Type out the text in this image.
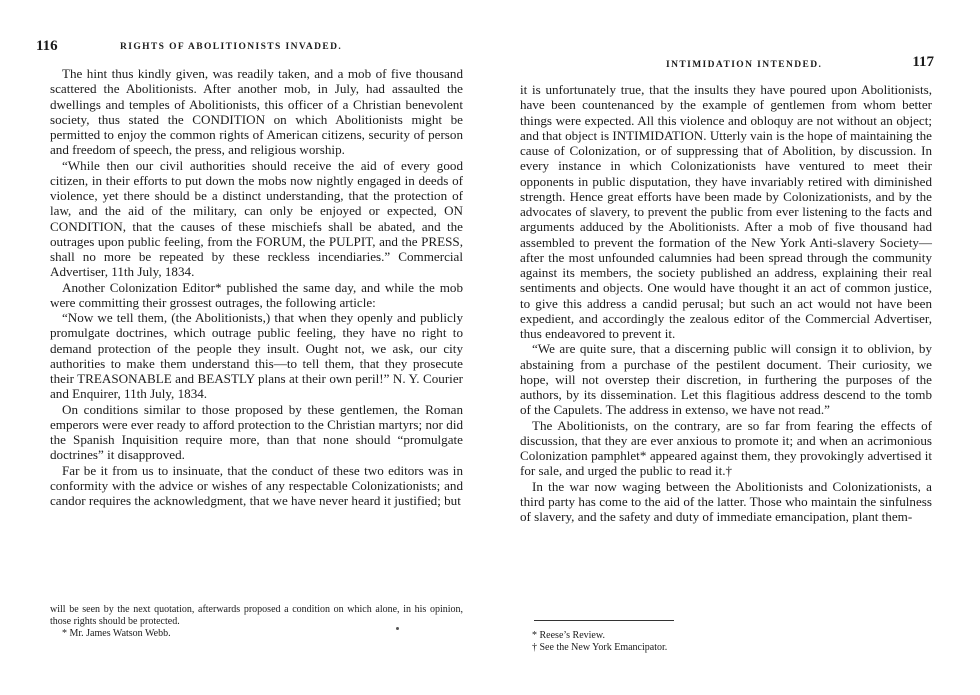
116	RIGHTS OF ABOLITIONISTS INVADED.

The hint thus kindly given, was readily taken, and a mob of five thousand scattered the Abolitionists. After another mob, in July, had assaulted the dwellings and temples of Abolitionists, this officer of a Christian benevolent society, thus stated the CONDITION on which Abolitionists might be permitted to enjoy the common rights of American citizens, security of person and freedom of speech, the press, and religious worship.

“While then our civil authorities should receive the aid of every good citizen, in their efforts to put down the mobs now nightly engaged in deeds of violence, yet there should be a distinct understanding, that the protection of law, and the aid of the military, can only be enjoyed or expected, ON CONDITION, that the causes of these mischiefs shall be abated, and the outrages upon public feeling, from the FORUM, the PULPIT, and the PRESS, shall no more be repeated by these reckless incendiaries.” Commercial Advertiser, 11th July, 1834.

Another Colonization Editor* published the same day, and while the mob were committing their grossest outrages, the following article:

“Now we tell them, (the Abolitionists,) that when they openly and publicly promulgate doctrines, which outrage public feeling, they have no right to demand protection of the people they insult. Ought not, we ask, our city authorities to make them understand this—to tell them, that they prosecute their TREASONABLE and BEASTLY plans at their own peril!” N. Y. Courier and Enquirer, 11th July, 1834.

On conditions similar to those proposed by these gentlemen, the Roman emperors were ever ready to afford protection to the Christian martyrs; nor did the Spanish Inquisition require more, than that none should “promulgate doctrines” it disapproved.

Far be it from us to insinuate, that the conduct of these two editors was in conformity with the advice or wishes of any respectable Colonizationists; and candor requires the acknowledgment, that we have never heard it justified; but

will be seen by the next quotation, afterwards proposed a condition on which alone, in his opinion, those rights should be protected.

* Mr. James Watson Webb.

INTIMIDATION INTENDED.	117

it is unfortunately true, that the insults they have poured upon Abolitionists, have been countenanced by the example of gentlemen from whom better things were expected. All this violence and obloquy are not without an object; and that object is INTIMIDATION. Utterly vain is the hope of maintaining the cause of Colonization, or of suppressing that of Abolition, by discussion. In every instance in which Colonizationists have ventured to meet their opponents in public disputation, they have invariably retired with diminished strength. Hence great efforts have been made by Colonizationists, and by the advocates of slavery, to prevent the public from ever listening to the facts and arguments adduced by the Abolitionists. After a mob of five thousand had assembled to prevent the formation of the New York Anti-slavery Society—after the most unfounded calumnies had been spread through the community against its members, the society published an address, explaining their real sentiments and objects. One would have thought it an act of common justice, to give this address a candid perusal; but such an act would not have been expedient, and accordingly the zealous editor of the Commercial Advertiser, thus endeavored to prevent it.

“We are quite sure, that a discerning public will consign it to oblivion, by abstaining from a purchase of the pestilent document. Their curiosity, we hope, will not overstep their discretion, in furthering the purposes of the authors, by its dissemination. Let this flagitious address descend to the tomb of the Capulets. The address in extenso, we have not read.”

The Abolitionists, on the contrary, are so far from fearing the effects of discussion, that they are ever anxious to promote it; and when an acrimonious Colonization pamphlet* appeared against them, they provokingly advertised it for sale, and urged the public to read it.†

In the war now waging between the Abolitionists and Colonizationists, a third party has come to the aid of the latter. Those who maintain the sinfulness of slavery, and the safety and duty of immediate emancipation, plant them-

* Reese’s Review.

† See the New York Emancipator.
